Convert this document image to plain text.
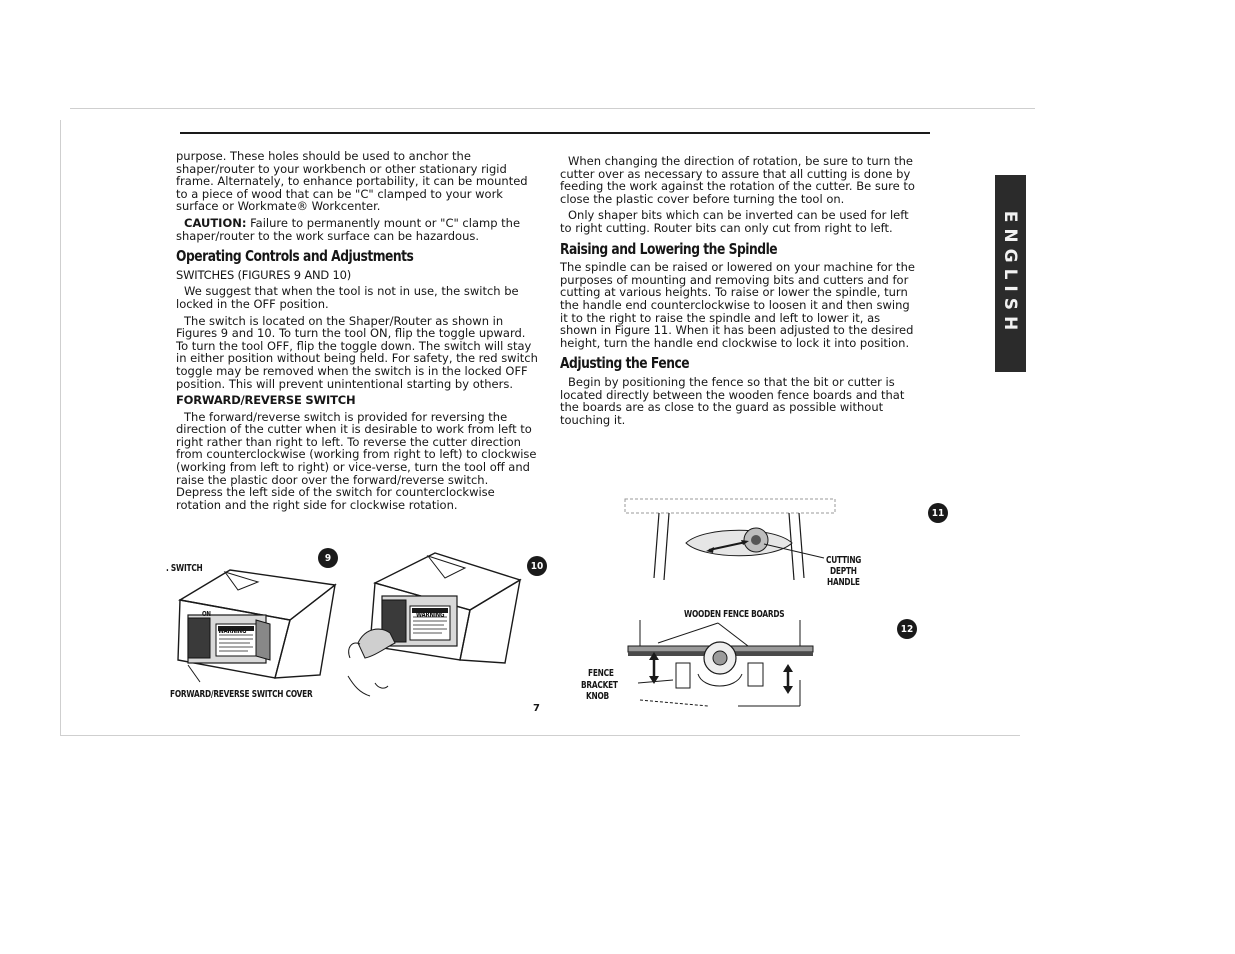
purpose. These holes should be used to anchor the shaper/router to your workbench or other stationary rigid frame. Alternately, to enhance portability, it can be mounted to a piece of wood that can be "C" clamped to your work surface or Workmate® Workcenter.

CAUTION: Failure to permanently mount or "C" clamp the shaper/router to the work surface can be hazardous.

Operating Controls and Adjustments
SWITCHES (FIGURES 9 AND 10)

We suggest that when the tool is not in use, the switch be locked in the OFF position.

The switch is located on the Shaper/Router as shown in Figures 9 and 10. To turn the tool ON, flip the toggle upward. To turn the tool OFF, flip the toggle down. The switch will stay in either position without being held. For safety, the red switch toggle may be removed when the switch is in the locked OFF position. This will prevent unintentional starting by others.

FORWARD/REVERSE SWITCH

The forward/reverse switch is provided for reversing the direction of the cutter when it is desirable to work from left to right rather than right to left. To reverse the cutter direction from counterclockwise (working from right to left) to clockwise (working from left to right) or vice-verse, turn the tool off and raise the plastic door over the forward/reverse switch. Depress the left side of the switch for counterclockwise rotation and the right side for clockwise rotation.

When changing the direction of rotation, be sure to turn the cutter over as necessary to assure that all cutting is done by feeding the work against the rotation of the cutter. Be sure to close the plastic cover before turning the tool on.

Only shaper bits which can be inverted can be used for left to right cutting. Router bits can only cut from right to left.

Raising and Lowering the Spindle

The spindle can be raised or lowered on your machine for the purposes of mounting and removing bits and cutters and for cutting at various heights. To raise or lower the spindle, turn the handle end counterclockwise to loosen it and then swing it to the right to raise the spindle and left to lower it, as shown in Figure 11. When it has been adjusted to the desired height, turn the handle end clockwise to lock it into position.

Adjusting the Fence

Begin by positioning the fence so that the bit or cutter is located directly between the wooden fence boards and that the boards are as close to the guard as possible without touching it.

ENGLISH
. SWITCH
9
ON
WARNING
FORWARD/REVERSE SWITCH COVER
10
WARNING
11
CUTTING
DEPTH
HANDLE
12
WOODEN FENCE BOARDS
FENCE
BRACKET
KNOB
7
